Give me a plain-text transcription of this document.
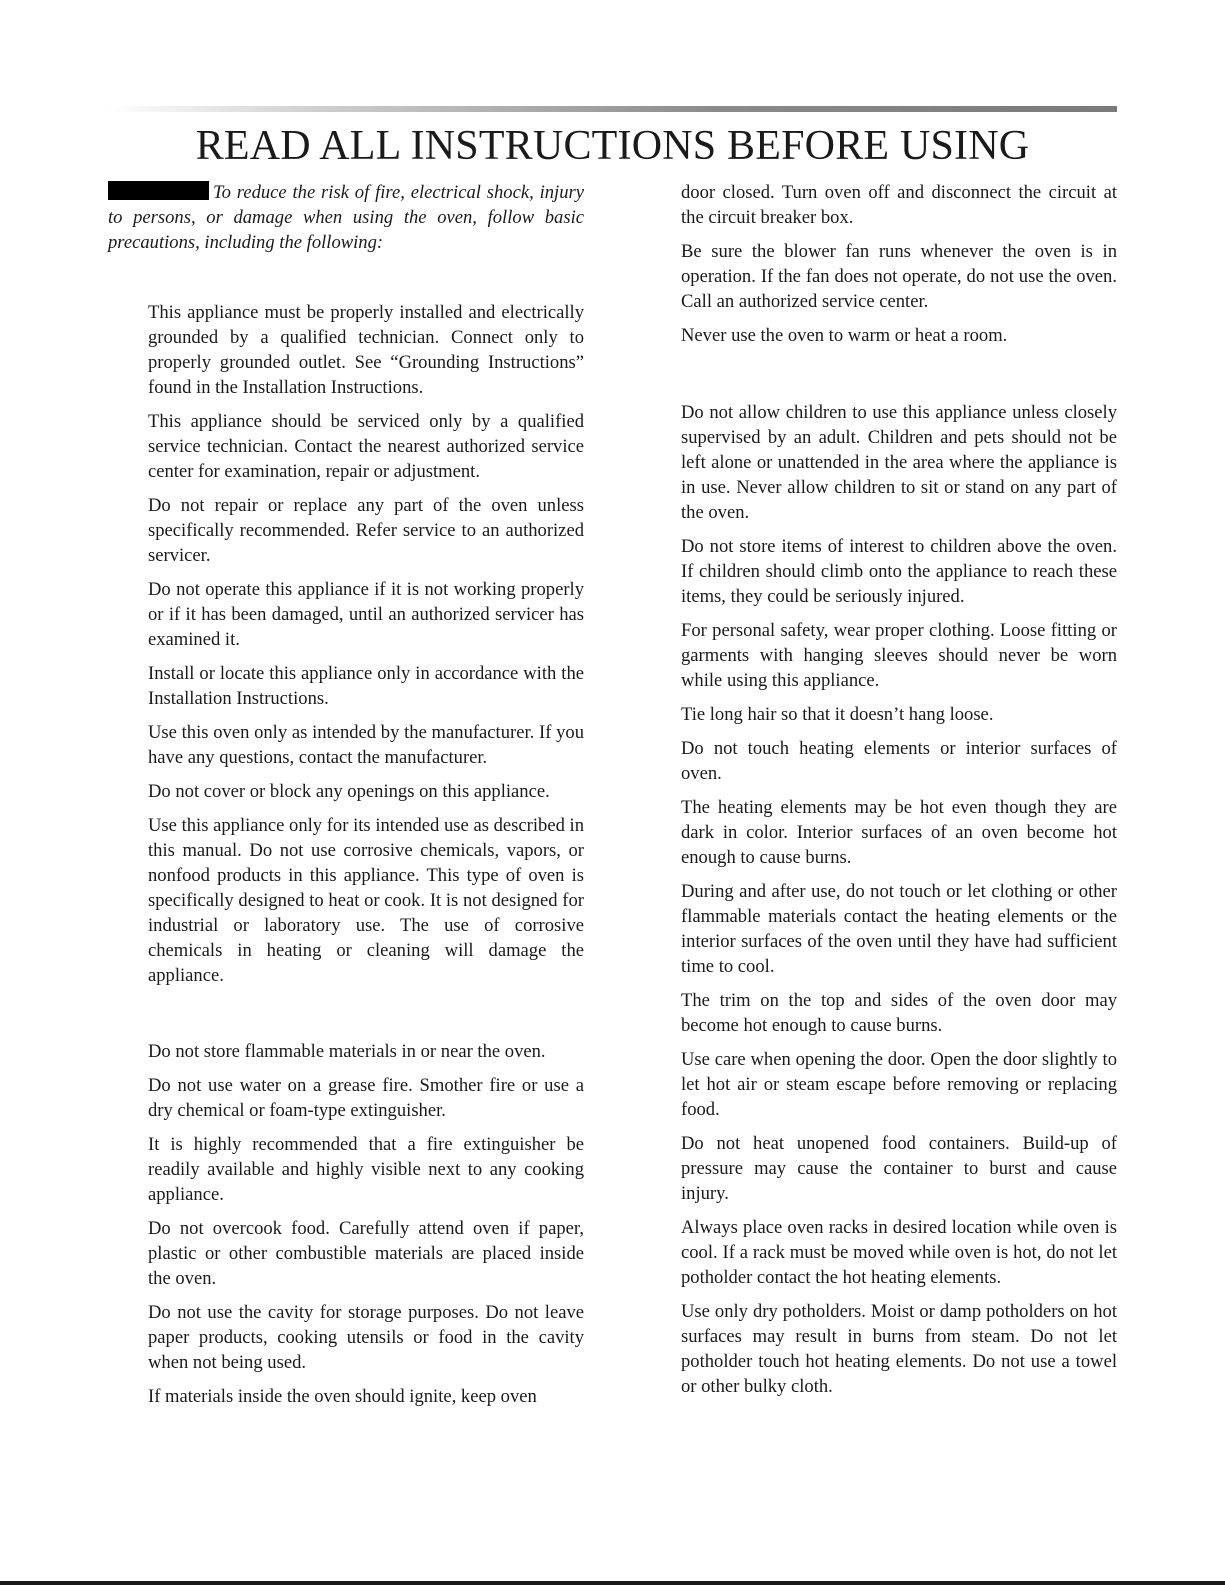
READ ALL INSTRUCTIONS BEFORE USING

To reduce the risk of fire, electrical shock, injury to persons, or damage when using the oven, follow basic precautions, including the following:

This appliance must be properly installed and electrically grounded by a qualified technician. Connect only to properly grounded outlet. See “Grounding Instructions” found in the Installation Instructions.
This appliance should be serviced only by a qualified service technician. Contact the nearest authorized service center for examination, repair or adjustment.
Do not repair or replace any part of the oven unless specifically recommended. Refer service to an authorized servicer.
Do not operate this appliance if it is not working properly or if it has been damaged, until an authorized servicer has examined it.
Install or locate this appliance only in accordance with the Installation Instructions.
Use this oven only as intended by the manufacturer. If you have any questions, contact the manufacturer.
Do not cover or block any openings on this appliance.
Use this appliance only for its intended use as described in this manual. Do not use corrosive chemicals, vapors, or nonfood products in this appliance. This type of oven is specifically designed to heat or cook. It is not designed for industrial or laboratory use. The use of corrosive chemicals in heating or cleaning will damage the appliance.
Do not store flammable materials in or near the oven.
Do not use water on a grease fire. Smother fire or use a dry chemical or foam-type extinguisher.
It is highly recommended that a fire extinguisher be readily available and highly visible next to any cooking appliance.
Do not overcook food. Carefully attend oven if paper, plastic or other combustible materials are placed inside the oven.
Do not use the cavity for storage purposes. Do not leave paper products, cooking utensils or food in the cavity when not being used.
If materials inside the oven should ignite, keep oven
door closed. Turn oven off and disconnect the circuit at the circuit breaker box.
Be sure the blower fan runs whenever the oven is in operation. If the fan does not operate, do not use the oven. Call an authorized service center.
Never use the oven to warm or heat a room.
Do not allow children to use this appliance unless closely supervised by an adult. Children and pets should not be left alone or unattended in the area where the appliance is in use. Never allow children to sit or stand on any part of the oven.
Do not store items of interest to children above the oven. If children should climb onto the appliance to reach these items, they could be seriously injured.
For personal safety, wear proper clothing. Loose fitting or garments with hanging sleeves should never be worn while using this appliance.
Tie long hair so that it doesn’t hang loose.
Do not touch heating elements or interior surfaces of oven.
The heating elements may be hot even though they are dark in color. Interior surfaces of an oven become hot enough to cause burns.
During and after use, do not touch or let clothing or other flammable materials contact the heating elements or the interior surfaces of the oven until they have had sufficient time to cool.
The trim on the top and sides of the oven door may become hot enough to cause burns.
Use care when opening the door. Open the door slightly to let hot air or steam escape before removing or replacing food.
Do not heat unopened food containers. Build-up of pressure may cause the container to burst and cause injury.
Always place oven racks in desired location while oven is cool. If a rack must be moved while oven is hot, do not let potholder contact the hot heating elements.
Use only dry potholders. Moist or damp potholders on hot surfaces may result in burns from steam. Do not let potholder touch hot heating elements. Do not use a towel or other bulky cloth.
